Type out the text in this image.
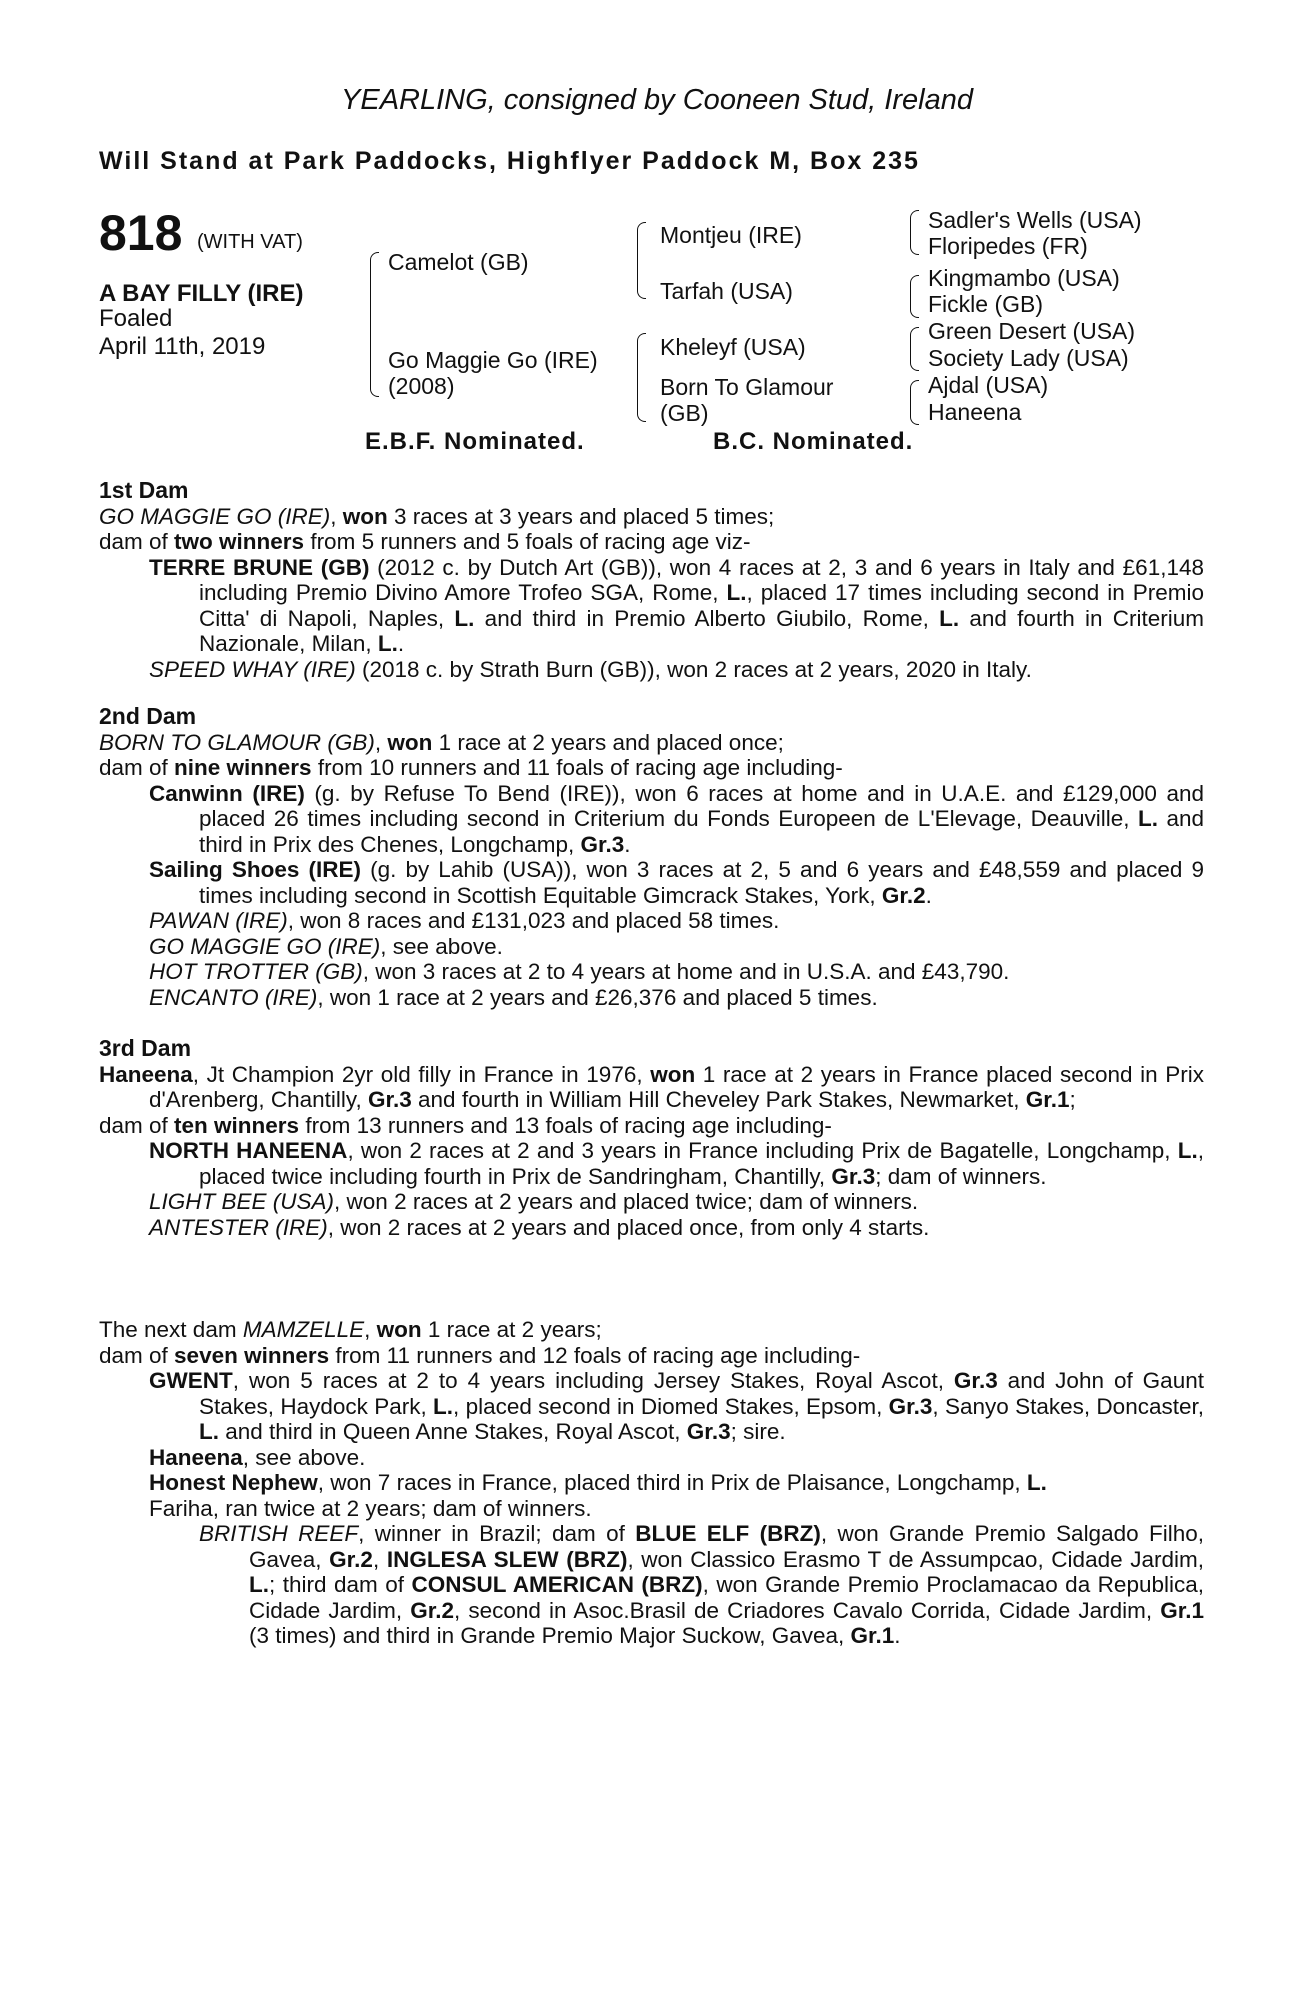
YEARLING, consigned by Cooneen Stud, Ireland
Will Stand at Park Paddocks, Highflyer Paddock M, Box 235
818 (WITH VAT)
A BAY FILLY (IRE)
Foaled
April 11th, 2019
Camelot (GB)
Go Maggie Go (IRE)
(2008)
Montjeu (IRE)
Tarfah (USA)
Kheleyf (USA)
Born To Glamour
(GB)
Sadler's Wells (USA)
Floripedes (FR)
Kingmambo (USA)
Fickle (GB)
Green Desert (USA)
Society Lady (USA)
Ajdal (USA)
Haneena
E.B.F. Nominated.	B.C. Nominated.

1st Dam

GO MAGGIE GO (IRE), won 3 races at 3 years and placed 5 times;

dam of two winners from 5 runners and 5 foals of racing age viz-

TERRE BRUNE (GB) (2012 c. by Dutch Art (GB)), won 4 races at 2, 3 and 6 years in Italy and £61,148 including Premio Divino Amore Trofeo SGA, Rome, L., placed 17 times including second in Premio Citta' di Napoli, Naples, L. and third in Premio Alberto Giubilo, Rome, L. and fourth in Criterium Nazionale, Milan, L..

SPEED WHAY (IRE) (2018 c. by Strath Burn (GB)), won 2 races at 2 years, 2020 in Italy.

2nd Dam

BORN TO GLAMOUR (GB), won 1 race at 2 years and placed once;

dam of nine winners from 10 runners and 11 foals of racing age including-

Canwinn (IRE) (g. by Refuse To Bend (IRE)), won 6 races at home and in U.A.E. and £129,000 and placed 26 times including second in Criterium du Fonds Europeen de L'Elevage, Deauville, L. and third in Prix des Chenes, Longchamp, Gr.3.

Sailing Shoes (IRE) (g. by Lahib (USA)), won 3 races at 2, 5 and 6 years and £48,559 and placed 9 times including second in Scottish Equitable Gimcrack Stakes, York, Gr.2.

PAWAN (IRE), won 8 races and £131,023 and placed 58 times.

GO MAGGIE GO (IRE), see above.

HOT TROTTER (GB), won 3 races at 2 to 4 years at home and in U.S.A. and £43,790.

ENCANTO (IRE), won 1 race at 2 years and £26,376 and placed 5 times.

3rd Dam

Haneena, Jt Champion 2yr old filly in France in 1976, won 1 race at 2 years in France placed second in Prix d'Arenberg, Chantilly, Gr.3 and fourth in William Hill Cheveley Park Stakes, Newmarket, Gr.1;

dam of ten winners from 13 runners and 13 foals of racing age including-

NORTH HANEENA, won 2 races at 2 and 3 years in France including Prix de Bagatelle, Longchamp, L., placed twice including fourth in Prix de Sandringham, Chantilly, Gr.3; dam of winners.

LIGHT BEE (USA), won 2 races at 2 years and placed twice; dam of winners.

ANTESTER (IRE), won 2 races at 2 years and placed once, from only 4 starts.

The next dam MAMZELLE, won 1 race at 2 years;

dam of seven winners from 11 runners and 12 foals of racing age including-

GWENT, won 5 races at 2 to 4 years including Jersey Stakes, Royal Ascot, Gr.3 and John of Gaunt Stakes, Haydock Park, L., placed second in Diomed Stakes, Epsom, Gr.3, Sanyo Stakes, Doncaster, L. and third in Queen Anne Stakes, Royal Ascot, Gr.3; sire.

Haneena, see above.

Honest Nephew, won 7 races in France, placed third in Prix de Plaisance, Longchamp, L.

Fariha, ran twice at 2 years; dam of winners.

BRITISH REEF, winner in Brazil; dam of BLUE ELF (BRZ), won Grande Premio Salgado Filho, Gavea, Gr.2, INGLESA SLEW (BRZ), won Classico Erasmo T de Assumpcao, Cidade Jardim, L.; third dam of CONSUL AMERICAN (BRZ), won Grande Premio Proclamacao da Republica, Cidade Jardim, Gr.2, second in Asoc.Brasil de Criadores Cavalo Corrida, Cidade Jardim, Gr.1 (3 times) and third in Grande Premio Major Suckow, Gavea, Gr.1.
